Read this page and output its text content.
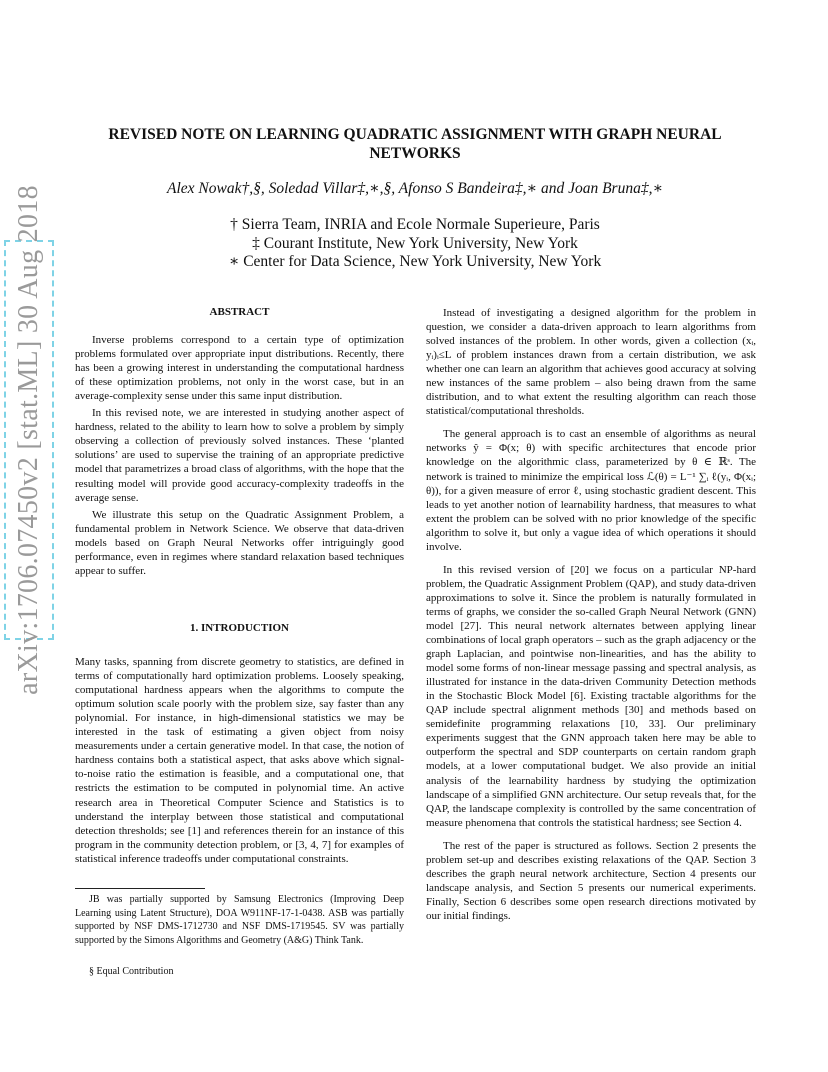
arXiv:1706.07450v2 [stat.ML] 30 Aug 2018
REVISED NOTE ON LEARNING QUADRATIC ASSIGNMENT WITH GRAPH NEURAL
NETWORKS
Alex Nowak†,§, Soledad Villar‡,∗,§, Afonso S Bandeira‡,∗ and Joan Bruna‡,∗
† Sierra Team, INRIA and Ecole Normale Superieure, Paris
‡ Courant Institute, New York University, New York
∗ Center for Data Science, New York University, New York
ABSTRACT

Inverse problems correspond to a certain type of optimization problems formulated over appropriate input distributions. Recently, there has been a growing interest in understanding the computational hardness of these optimization problems, not only in the worst case, but in an average-complexity sense under this same input distribution.

In this revised note, we are interested in studying another aspect of hardness, related to the ability to learn how to solve a problem by simply observing a collection of previously solved instances. These ‘planted solutions’ are used to supervise the training of an appropriate predictive model that parametrizes a broad class of algorithms, with the hope that the resulting model will provide good accuracy-complexity tradeoffs in the average sense.

We illustrate this setup on the Quadratic Assignment Problem, a fundamental problem in Network Science. We observe that data-driven models based on Graph Neural Networks offer intriguingly good performance, even in regimes where standard relaxation based techniques appear to suffer.

1. INTRODUCTION

Many tasks, spanning from discrete geometry to statistics, are defined in terms of computationally hard optimization problems. Loosely speaking, computational hardness appears when the algorithms to compute the optimum solution scale poorly with the problem size, say faster than any polynomial. For instance, in high-dimensional statistics we may be interested in the task of estimating a given object from noisy measurements under a certain generative model. In that case, the notion of hardness contains both a statistical aspect, that asks above which signal-to-noise ratio the estimation is feasible, and a computational one, that restricts the estimation to be computed in polynomial time. An active research area in Theoretical Computer Science and Statistics is to understand the interplay between those statistical and computational detection thresholds; see [1] and references therein for an instance of this program in the community detection problem, or [3, 4, 7] for examples of statistical inference tradeoffs under computational constraints.

JB was partially supported by Samsung Electronics (Improving Deep Learning using Latent Structure), DOA W911NF-17-1-0438. ASB was partially supported by NSF DMS-1712730 and NSF DMS-1719545. SV was partially supported by the Simons Algorithms and Geometry (A&G) Think Tank.
§ Equal Contribution

Instead of investigating a designed algorithm for the problem in question, we consider a data-driven approach to learn algorithms from solved instances of the problem. In other words, given a collection (xᵢ, yᵢ)ᵢ≤L of problem instances drawn from a certain distribution, we ask whether one can learn an algorithm that achieves good accuracy at solving new instances of the same problem – also being drawn from the same distribution, and to what extent the resulting algorithm can reach those statistical/computational thresholds.

The general approach is to cast an ensemble of algorithms as neural networks ŷ = Φ(x; θ) with specific architectures that encode prior knowledge on the algorithmic class, parameterized by θ ∈ ℝˢ. The network is trained to minimize the empirical loss ℒ(θ) = L⁻¹ ∑ᵢ ℓ(yᵢ, Φ(xᵢ; θ)), for a given measure of error ℓ, using stochastic gradient descent. This leads to yet another notion of learnability hardness, that measures to what extent the problem can be solved with no prior knowledge of the specific algorithm to solve it, but only a vague idea of which operations it should involve.

In this revised version of [20] we focus on a particular NP-hard problem, the Quadratic Assignment Problem (QAP), and study data-driven approximations to solve it. Since the problem is naturally formulated in terms of graphs, we consider the so-called Graph Neural Network (GNN) model [27]. This neural network alternates between applying linear combinations of local graph operators – such as the graph adjacency or the graph Laplacian, and pointwise non-linearities, and has the ability to model some forms of non-linear message passing and spectral analysis, as illustrated for instance in the data-driven Community Detection methods in the Stochastic Block Model [6]. Existing tractable algorithms for the QAP include spectral alignment methods [30] and methods based on semidefinite programming relaxations [10, 33]. Our preliminary experiments suggest that the GNN approach taken here may be able to outperform the spectral and SDP counterparts on certain random graph models, at a lower computational budget. We also provide an initial analysis of the learnability hardness by studying the optimization landscape of a simplified GNN architecture. Our setup reveals that, for the QAP, the landscape complexity is controlled by the same concentration of measure phenomena that controls the statistical hardness; see Section 4.

The rest of the paper is structured as follows. Section 2 presents the problem set-up and describes existing relaxations of the QAP. Section 3 describes the graph neural network architecture, Section 4 presents our landscape analysis, and Section 5 presents our numerical experiments. Finally, Section 6 describes some open research directions motivated by our initial findings.
